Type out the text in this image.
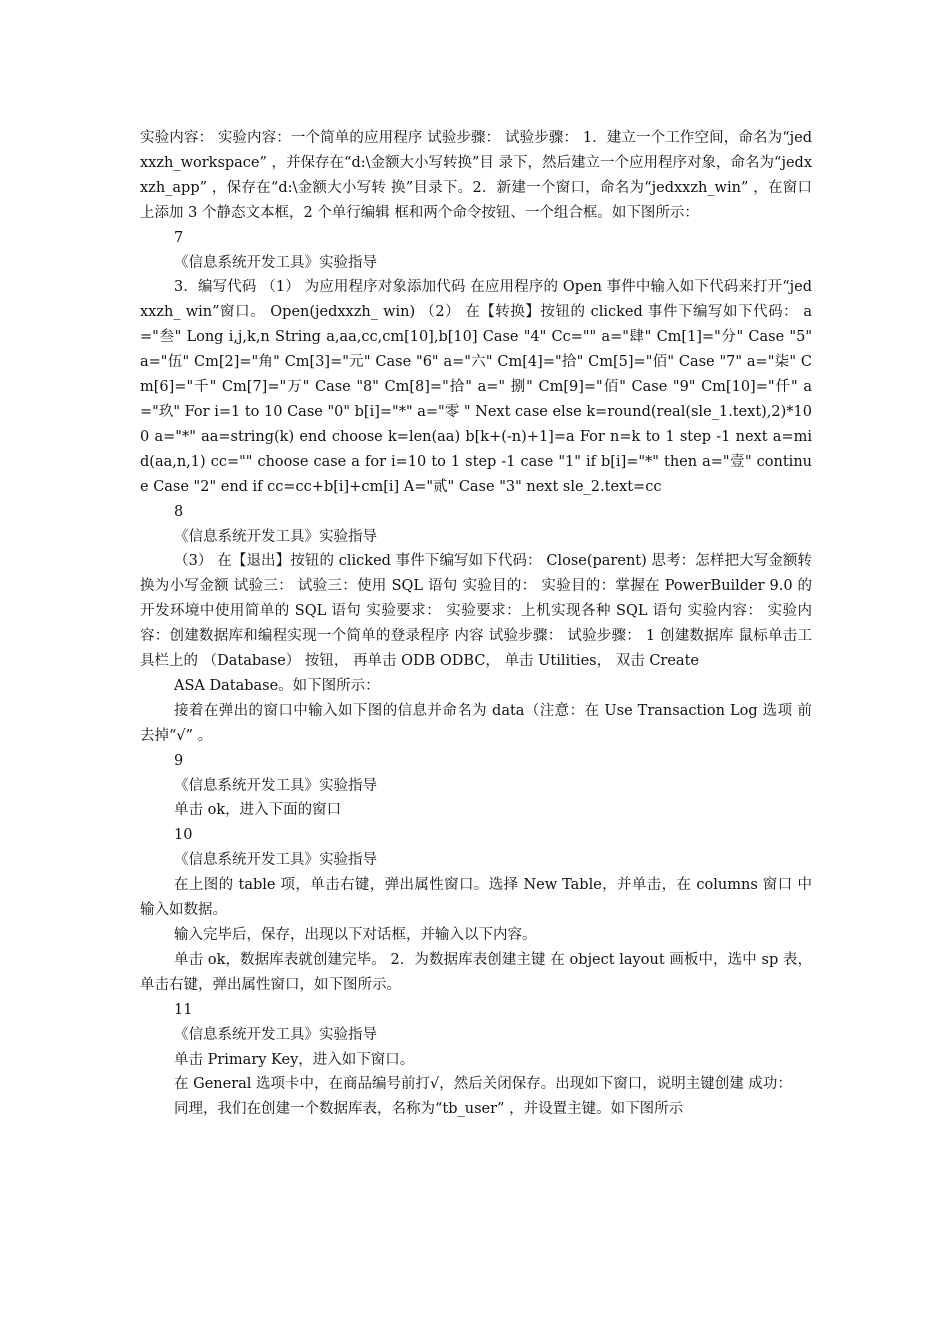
实验内容： 实验内容：一个简单的应用程序 试验步骤： 试验步骤： 1．建立一个工作空间，命名为“jedxxzh_workspace” ，并保存在“d:\金额大小写转换”目 录下，然后建立一个应用程序对象，命名为“jedxxzh_app” ，保存在“d:\金额大小写转 换”目录下。2．新建一个窗口，命名为“jedxxzh_win” ，在窗口上添加 3 个静态文本框，2 个单行编辑 框和两个命令按钮、一个组合框。如下图所示：

7

《信息系统开发工具》实验指导

3．编写代码 （1） 为应用程序对象添加代码 在应用程序的 Open 事件中输入如下代码来打开“jedxxzh_ win”窗口。 Open(jedxxzh_ win) （2） 在【转换】按钮的 clicked 事件下编写如下代码： a="叁" Long i,j,k,n String a,aa,cc,cm[10],b[10] Case "4" Cc="" a="肆" Cm[1]="分" Case "5" a="伍" Cm[2]="角" Cm[3]="元" Case "6" a="六" Cm[4]="拾" Cm[5]="佰" Case "7" a="柒" Cm[6]="千" Cm[7]="万" Case "8" Cm[8]="拾" a=" 捌" Cm[9]="佰" Case "9" Cm[10]="仟" a="玖" For i=1 to 10 Case "0" b[i]="*" a="零 " Next case else k=round(real(sle_1.text),2)*100 a="*" aa=string(k) end choose k=len(aa) b[k+(-n)+1]=a For n=k to 1 step -1 next a=mid(aa,n,1) cc="" choose case a for i=10 to 1 step -1 case "1" if b[i]="*" then a="壹" continue Case "2" end if cc=cc+b[i]+cm[i] A="贰" Case "3" next sle_2.text=cc

8

《信息系统开发工具》实验指导

（3） 在【退出】按钮的 clicked 事件下编写如下代码： Close(parent) 思考：怎样把大写金额转换为小写金额 试验三： 试验三：使用 SQL 语句 实验目的： 实验目的：掌握在 PowerBuilder 9.0 的开发环境中使用简单的 SQL 语句 实验要求： 实验要求：上机实现各种 SQL 语句 实验内容： 实验内容：创建数据库和编程实现一个简单的登录程序 内容 试验步骤： 试验步骤： 1 创建数据库 鼠标单击工具栏上的 （Database） 按钮， 再单击 ODB ODBC， 单击 Utilities， 双击 Create

ASA Database。如下图所示：

接着在弹出的窗口中输入如下图的信息并命名为 data（注意：在 Use Transaction Log 选项 前去掉“√” 。

9

《信息系统开发工具》实验指导

单击 ok，进入下面的窗口

10

《信息系统开发工具》实验指导

在上图的 table 项，单击右键，弹出属性窗口。选择 New Table，并单击，在 columns 窗口 中输入如数据。

输入完毕后，保存，出现以下对话框，并输入以下内容。

单击 ok，数据库表就创建完毕。 2．为数据库表创建主键 在 object layout 画板中，选中 sp 表，单击右键，弹出属性窗口，如下图所示。

11

《信息系统开发工具》实验指导

单击 Primary Key，进入如下窗口。

在 General 选项卡中，在商品编号前打√，然后关闭保存。出现如下窗口，说明主键创建 成功：

同理，我们在创建一个数据库表，名称为“tb_user” ，并设置主键。如下图所示
